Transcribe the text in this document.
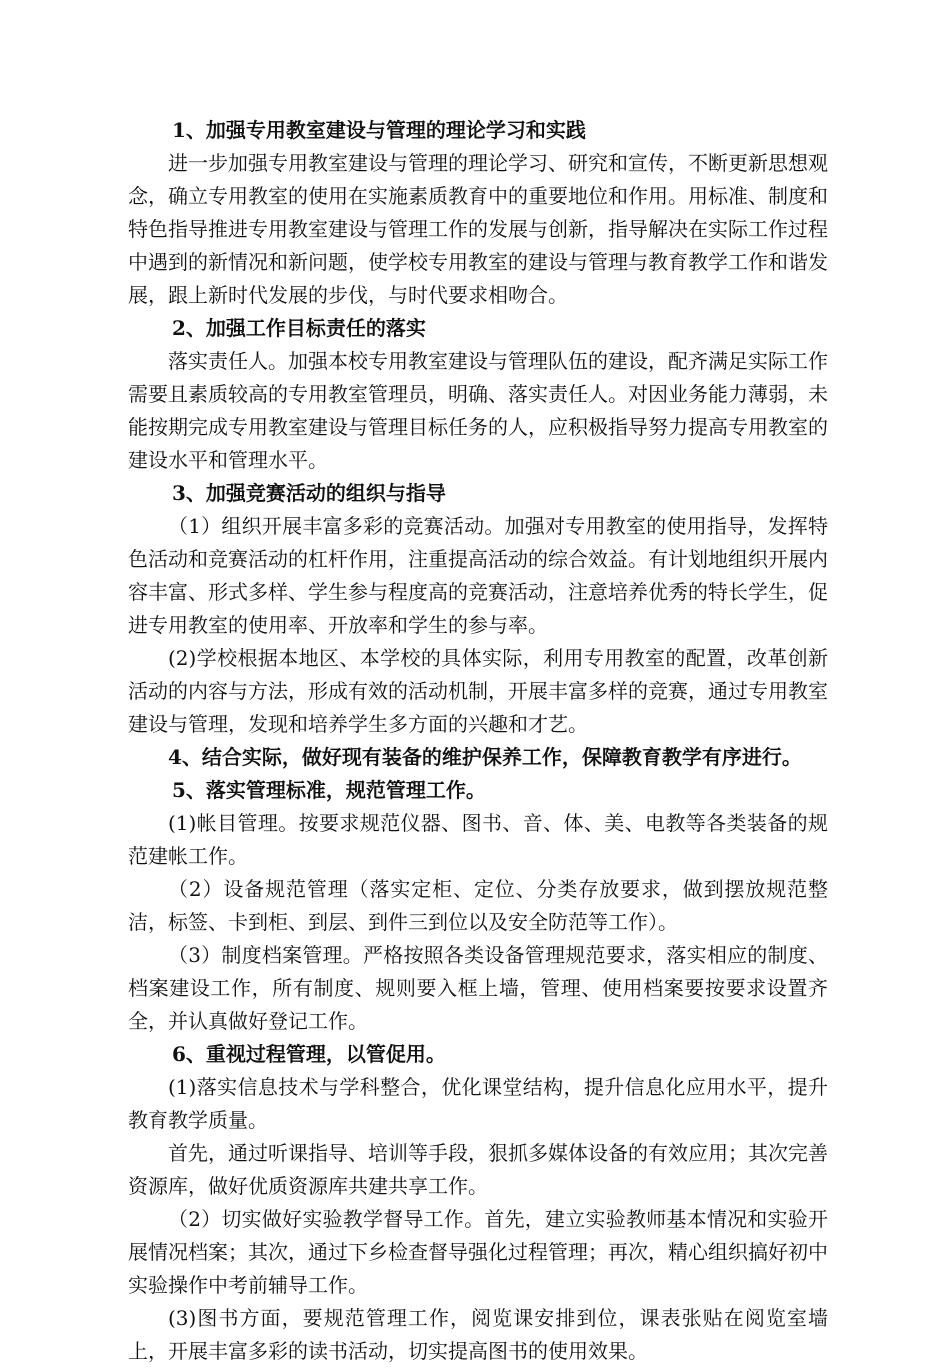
1、加强专用教室建设与管理的理论学习和实践

进一步加强专用教室建设与管理的理论学习、研究和宣传，不断更新思想观念，确立专用教室的使用在实施素质教育中的重要地位和作用。用标准、制度和特色指导推进专用教室建设与管理工作的发展与创新，指导解决在实际工作过程中遇到的新情况和新问题，使学校专用教室的建设与管理与教育教学工作和谐发展，跟上新时代发展的步伐，与时代要求相吻合。

2、加强工作目标责任的落实

落实责任人。加强本校专用教室建设与管理队伍的建设，配齐满足实际工作需要且素质较高的专用教室管理员，明确、落实责任人。对因业务能力薄弱，未能按期完成专用教室建设与管理目标任务的人，应积极指导努力提高专用教室的建设水平和管理水平。

3、加强竞赛活动的组织与指导

（1）组织开展丰富多彩的竞赛活动。加强对专用教室的使用指导，发挥特色活动和竞赛活动的杠杆作用，注重提高活动的综合效益。有计划地组织开展内容丰富、形式多样、学生参与程度高的竞赛活动，注意培养优秀的特长学生，促进专用教室的使用率、开放率和学生的参与率。

(2)学校根据本地区、本学校的具体实际，利用专用教室的配置，改革创新活动的内容与方法，形成有效的活动机制，开展丰富多样的竞赛，通过专用教室建设与管理，发现和培养学生多方面的兴趣和才艺。

4、结合实际，做好现有装备的维护保养工作，保障教育教学有序进行。

5、落实管理标准，规范管理工作。

(1)帐目管理。按要求规范仪器、图书、音、体、美、电教等各类装备的规范建帐工作。

（2）设备规范管理（落实定柜、定位、分类存放要求，做到摆放规范整洁，标签、卡到柜、到层、到件三到位以及安全防范等工作）。

（3）制度档案管理。严格按照各类设备管理规范要求，落实相应的制度、档案建设工作，所有制度、规则要入框上墙，管理、使用档案要按要求设置齐全，并认真做好登记工作。

6、重视过程管理，以管促用。

(1)落实信息技术与学科整合，优化课堂结构，提升信息化应用水平，提升教育教学质量。

首先，通过听课指导、培训等手段，狠抓多媒体设备的有效应用；其次完善资源库，做好优质资源库共建共享工作。

（2）切实做好实验教学督导工作。首先，建立实验教师基本情况和实验开展情况档案；其次，通过下乡检查督导强化过程管理；再次，精心组织搞好初中实验操作中考前辅导工作。

(3)图书方面，要规范管理工作，阅览课安排到位，课表张贴在阅览室墙上，开展丰富多彩的读书活动，切实提高图书的使用效果。
